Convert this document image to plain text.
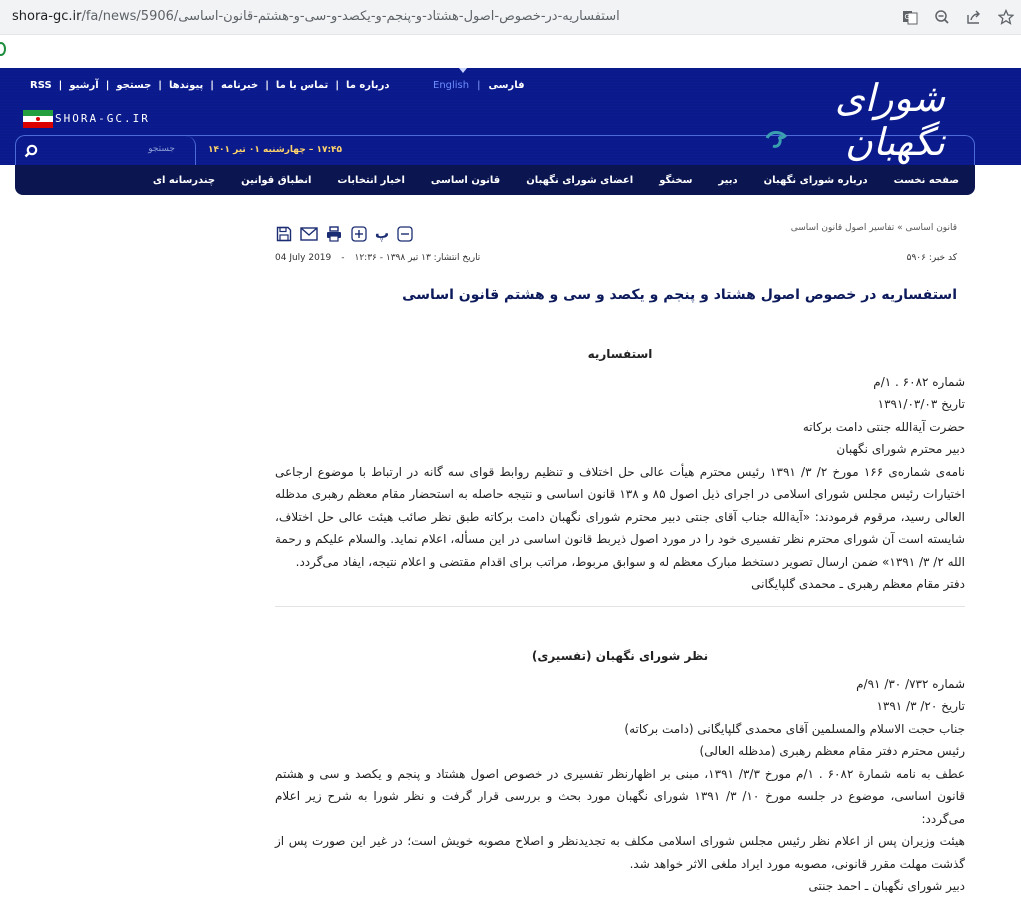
shora-gc.ir/fa/news/5906/استفساریه-در-خصوص-اصول-هشتاد-و-پنجم-و-یکصد-و-سی-و-هشتم-قانون-اساسی	G
درباره ما
|
تماس با ما
|
خبرنامه
|
پیوندها
|
جستجو
|
آرشیو
|
RSS	English | فارسی
SHORA-GC.IR
جستجو	۱۷:۴۵ – چهارشنبه ۰۱ تیر ۱۴۰۱
شورای نگهبان
صفحه نخست
درباره شورای نگهبان
دبیر
سخنگو
اعضای شورای نگهبان
قانون اساسی
اخبار انتخابات
انطباق قوانین
چندرسانه ای
قانون اساسی » تفاسیر اصول قانون اساسی
پ
کد خبر: ۵۹۰۶
تاریخ انتشار: ۱۳ تیر ۱۳۹۸ - ۱۲:۳۶
-
04 July 2019
استفساریه در خصوص اصول هشتاد و پنجم و یکصد و سی و هشتم قانون اساسی
استفساریه

شماره ۶۰۸۲ . ۱/م

تاریخ ۱۳۹۱/۰۳/۰۳

حضرت آیةالله جنتی دامت برکاته

دبیر محترم شورای نگهبان

نامه‌ی شماره‌ی ۱۶۶ مورخ ۲/ ۳/ ۱۳۹۱ رئیس محترم هیأت عالی حل اختلاف و تنظیم روابط قوای سه گانه در ارتباط با موضوع ارجاعی اختیارات رئیس مجلس شورای اسلامی در اجرای ذیل اصول ۸۵ و ۱۳۸ قانون اساسی و نتیجه حاصله به استحضار مقام معظم رهبری مدظله العالی رسید، مرقوم فرمودند: «آیةالله جناب آقای جنتی دبیر محترم شورای نگهبان دامت برکاته طبق نظر صائب هیئت عالی حل اختلاف، شایسته است آن شورای محترم نظر تفسیری خود را در مورد اصول ذیربط قانون اساسی در این مسأله، اعلام نماید. والسلام علیکم و رحمة الله ۲/ ۳/ ۱۳۹۱» ضمن ارسال تصویر دستخط مبارک معظم له و سوابق مربوط، مراتب برای اقدام مقتضی و اعلام نتیجه، ایفاد می‌گردد.

دفتر مقام معظم رهبری ـ محمدی گلپایگانی

نظر شورای نگهبان (تفسیری)

شماره ۷۳۲/ ۳۰/ ۹۱/م

تاریخ ۲۰/ ۳/ ۱۳۹۱

جناب حجت الاسلام والمسلمین آقای محمدی گلپایگانی (دامت برکاته)

رئیس محترم دفتر مقام معظم رهبری (مدظله العالی)

عطف به نامه شمارة ۶۰۸۲ . ۱/م مورخ ۳/۳/ ۱۳۹۱، مبنی بر اظهارنظر تفسیری در خصوص اصول هشتاد و پنجم و یکصد و سی و هشتم قانون اساسی، موضوع در جلسه مورخ ۱۰/ ۳/ ۱۳۹۱ شورای نگهبان مورد بحث و بررسی قرار گرفت و نظر شورا به شرح زیر اعلام می‌گردد:

هیئت وزیران پس از اعلام نظر رئیس مجلس شورای اسلامی مکلف به تجدیدنظر و اصلاح مصوبه خویش است؛ در غیر این صورت پس از گذشت مهلت مقرر قانونی، مصوبه مورد ایراد ملغی الاثر خواهد شد.

دبیر شورای نگهبان ـ احمد جنتی
